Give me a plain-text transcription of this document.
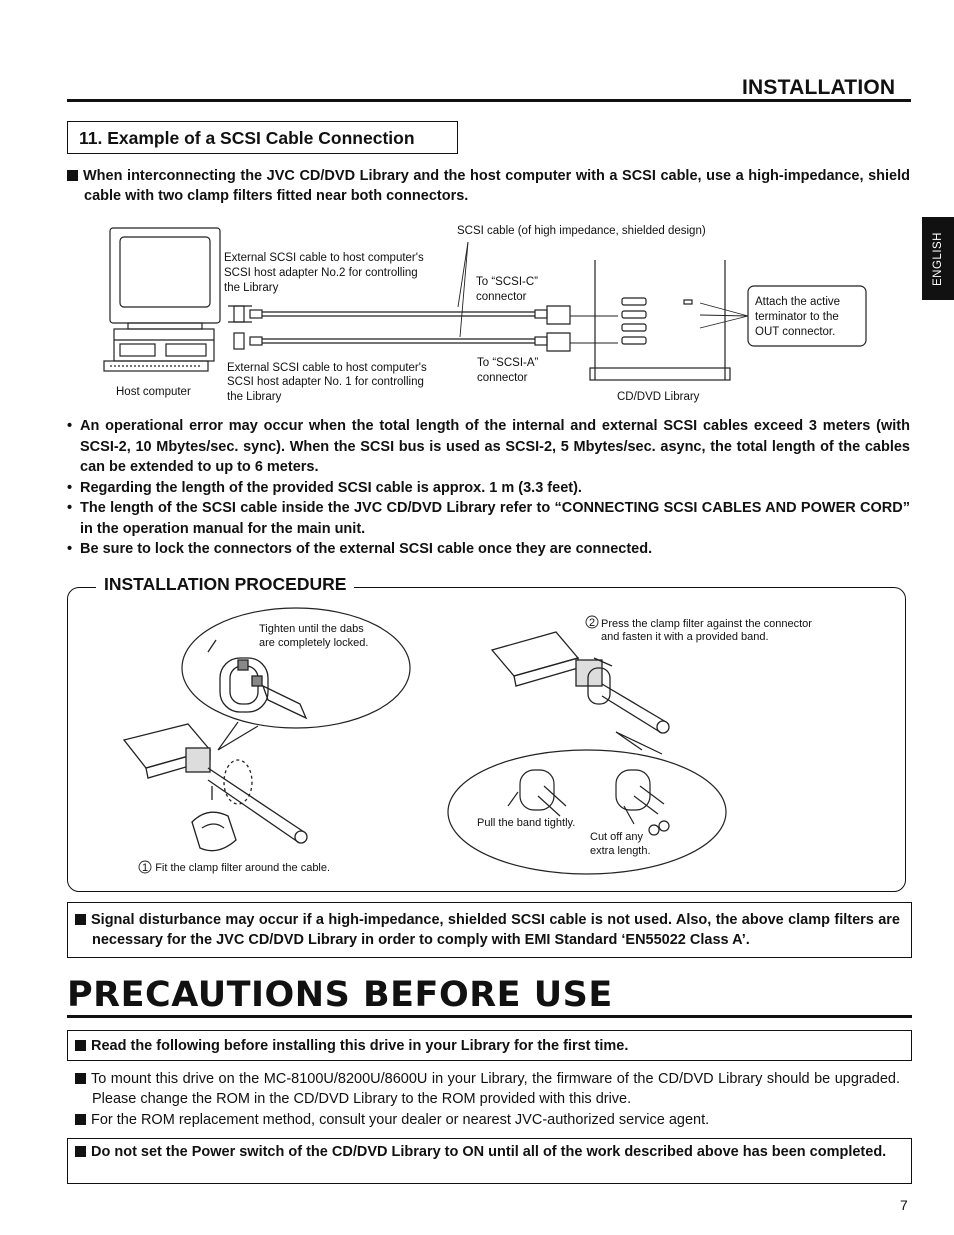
INSTALLATION
ENGLISH
11. Example of a SCSI Cable Connection
When interconnecting the JVC CD/DVD Library and the host computer with a SCSI cable, use a high-impedance, shield cable with two clamp filters fitted near both connectors.
Host computer	CD/DVD Library
SCSI cable (of high impedance, shielded design)
External SCSI cable to host computer's SCSI host adapter No.2 for controlling the Library	To “SCSI-C” connector
External SCSI cable to host computer's SCSI host adapter No. 1 for controlling the Library
To “SCSI-A” connector
Attach the active terminator to the OUT connector.
• An operational error may occur when the total length of the internal and external SCSI cables exceed 3 meters (with SCSI-2, 10 Mbytes/sec. sync). When the SCSI bus is used as SCSI-2, 5 Mbytes/sec. async, the total length of the cables can be extended to up to 6 meters.
• Regarding the length of the provided SCSI cable is approx. 1 m (3.3 feet).
• The length of the SCSI cable inside the JVC CD/DVD Library refer to “CONNECTING SCSI CABLES AND POWER CORD” in the operation manual for the main unit.
• Be sure to lock the connectors of the external SCSI cable once they are connected.
INSTALLATION PROCEDURE
Tighten until the dabs are completely locked.
1 Fit the clamp filter around the cable.
2 Press the clamp filter against the connector and fasten it with a provided band.
Pull the band tightly.
Cut off any extra length.
Signal disturbance may occur if a high-impedance, shielded SCSI cable is not used. Also, the above clamp filters are necessary for the JVC CD/DVD Library in order to comply with EMI Standard ‘EN55022 Class A’.
PRECAUTIONS BEFORE USE
Read the following before installing this drive in your Library for the first time.
To mount this drive on the MC-8100U/8200U/8600U in your Library, the firmware of the CD/DVD Library should be upgraded. Please change the ROM in the CD/DVD Library to the ROM provided with this drive.
For the ROM replacement method, consult your dealer or nearest JVC-authorized service agent.
Do not set the Power switch of the CD/DVD Library to ON until all of the work described above has been completed.
7
